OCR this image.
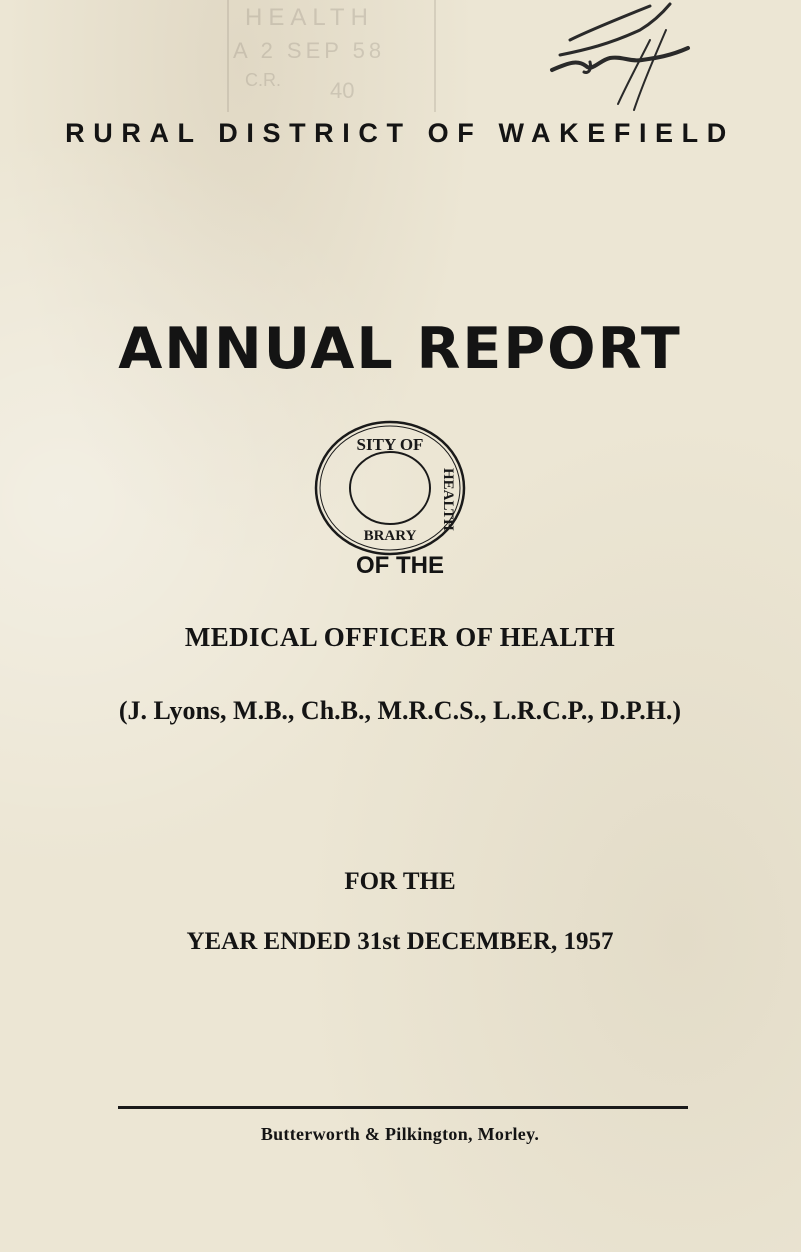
HEALTH
A 2 SEP 58
C.R. 40
RURAL DISTRICT OF WAKEFIELD
ANNUAL REPORT
SITY OF
BRARY
HEALTH
OF THE
MEDICAL OFFICER OF HEALTH
(J. Lyons, M.B., Ch.B., M.R.C.S., L.R.C.P., D.P.H.)
FOR THE
YEAR ENDED 31st DECEMBER, 1957
Butterworth & Pilkington, Morley.
